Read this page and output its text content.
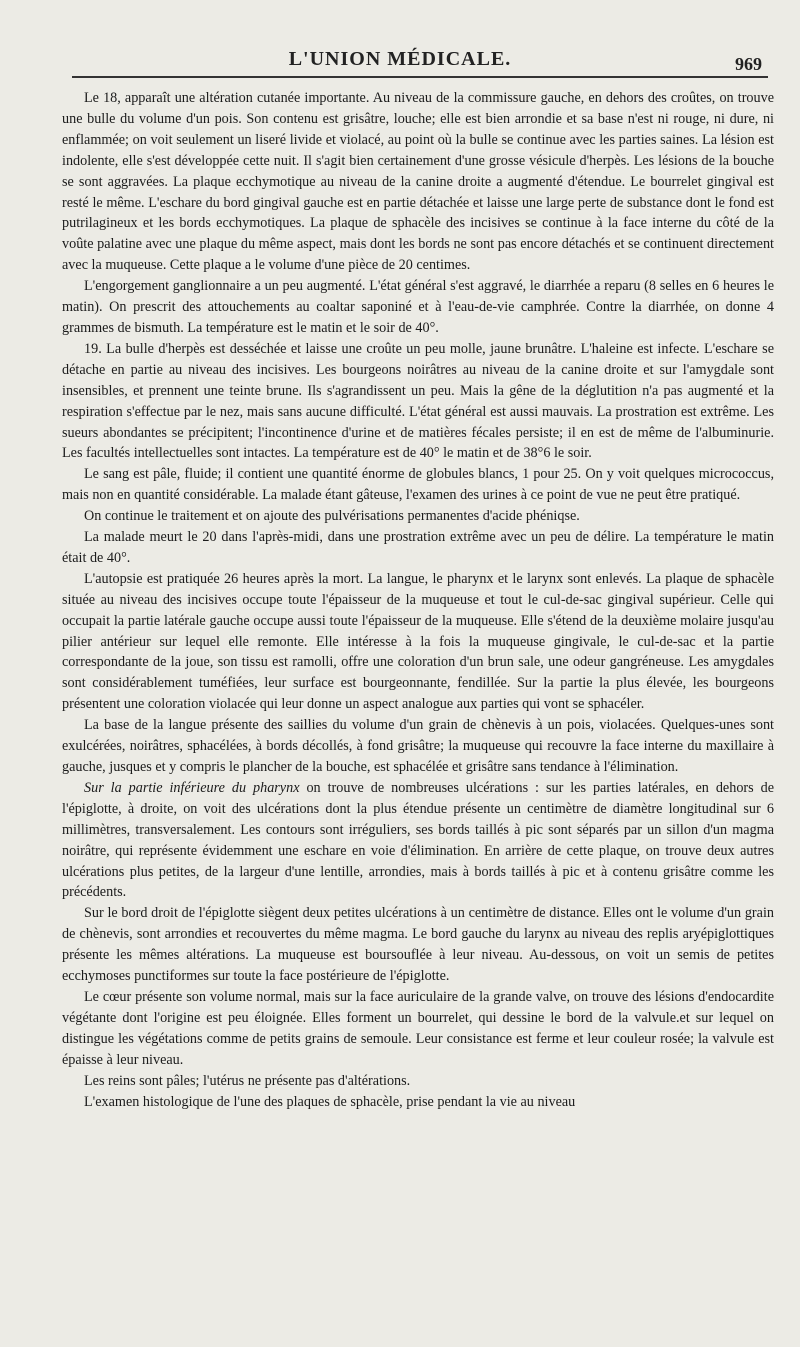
L'UNION MÉDICALE.	969

Le 18, apparaît une altération cutanée importante. Au niveau de la commissure gauche, en dehors des croûtes, on trouve une bulle du volume d'un pois. Son contenu est grisâtre, louche; elle est bien arrondie et sa base n'est ni rouge, ni dure, ni enflammée; on voit seulement un liseré livide et violacé, au point où la bulle se continue avec les parties saines. La lésion est indolente, elle s'est développée cette nuit. Il s'agit bien certainement d'une grosse vésicule d'herpès. Les lésions de la bouche se sont aggravées. La plaque ecchymotique au niveau de la canine droite a augmenté d'étendue. Le bourrelet gingival est resté le même. L'eschare du bord gingival gauche est en partie détachée et laisse une large perte de substance dont le fond est putrilagineux et les bords ecchymotiques. La plaque de sphacèle des incisives se continue à la face interne du côté de la voûte palatine avec une plaque du même aspect, mais dont les bords ne sont pas encore détachés et se continuent directement avec la muqueuse. Cette plaque a le volume d'une pièce de 20 centimes.

L'engorgement ganglionnaire a un peu augmenté. L'état général s'est aggravé, le diarrhée a reparu (8 selles en 6 heures le matin). On prescrit des attouchements au coaltar saponiné et à l'eau-de-vie camphrée. Contre la diarrhée, on donne 4 grammes de bismuth. La température est le matin et le soir de 40°.

19. La bulle d'herpès est desséchée et laisse une croûte un peu molle, jaune brunâtre. L'haleine est infecte. L'eschare se détache en partie au niveau des incisives. Les bourgeons noirâtres au niveau de la canine droite et sur l'amygdale sont insensibles, et prennent une teinte brune. Ils s'agrandissent un peu. Mais la gêne de la déglutition n'a pas augmenté et la respiration s'effectue par le nez, mais sans aucune difficulté. L'état général est aussi mauvais. La prostration est extrême. Les sueurs abondantes se précipitent; l'incontinence d'urine et de matières fécales persiste; il en est de même de l'albuminurie. Les facultés intellectuelles sont intactes. La température est de 40° le matin et de 38°6 le soir.

Le sang est pâle, fluide; il contient une quantité énorme de globules blancs, 1 pour 25. On y voit quelques micrococcus, mais non en quantité considérable. La malade étant gâteuse, l'examen des urines à ce point de vue ne peut être pratiqué.

On continue le traitement et on ajoute des pulvérisations permanentes d'acide phéniqse.

La malade meurt le 20 dans l'après-midi, dans une prostration extrême avec un peu de délire. La température le matin était de 40°.

L'autopsie est pratiquée 26 heures après la mort. La langue, le pharynx et le larynx sont enlevés. La plaque de sphacèle située au niveau des incisives occupe toute l'épaisseur de la muqueuse et tout le cul-de-sac gingival supérieur. Celle qui occupait la partie latérale gauche occupe aussi toute l'épaisseur de la muqueuse. Elle s'étend de la deuxième molaire jusqu'au pilier antérieur sur lequel elle remonte. Elle intéresse à la fois la muqueuse gingivale, le cul-de-sac et la partie correspondante de la joue, son tissu est ramolli, offre une coloration d'un brun sale, une odeur gangréneuse. Les amygdales sont considérablement tuméfiées, leur surface est bourgeonnante, fendillée. Sur la partie la plus élevée, les bourgeons présentent une coloration violacée qui leur donne un aspect analogue aux parties qui vont se sphacéler.

La base de la langue présente des saillies du volume d'un grain de chènevis à un pois, violacées. Quelques-unes sont exulcérées, noirâtres, sphacélées, à bords décollés, à fond grisâtre; la muqueuse qui recouvre la face interne du maxillaire à gauche, jusques et y compris le plancher de la bouche, est sphacélée et grisâtre sans tendance à l'élimination.

Sur la partie inférieure du pharynx on trouve de nombreuses ulcérations : sur les parties latérales, en dehors de l'épiglotte, à droite, on voit des ulcérations dont la plus étendue présente un centimètre de diamètre longitudinal sur 6 millimètres, transversalement. Les contours sont irréguliers, ses bords taillés à pic sont séparés par un sillon d'un magma noirâtre, qui représente évidemment une eschare en voie d'élimination. En arrière de cette plaque, on trouve deux autres ulcérations plus petites, de la largeur d'une lentille, arrondies, mais à bords taillés à pic et à contenu grisâtre comme les précédents.

Sur le bord droit de l'épiglotte siègent deux petites ulcérations à un centimètre de distance. Elles ont le volume d'un grain de chènevis, sont arrondies et recouvertes du même magma. Le bord gauche du larynx au niveau des replis aryépiglottiques présente les mêmes altérations. La muqueuse est boursouflée à leur niveau. Au-dessous, on voit un semis de petites ecchymoses punctiformes sur toute la face postérieure de l'épiglotte.

Le cœur présente son volume normal, mais sur la face auriculaire de la grande valve, on trouve des lésions d'endocardite végétante dont l'origine est peu éloignée. Elles forment un bourrelet, qui dessine le bord de la valvule.et sur lequel on distingue les végétations comme de petits grains de semoule. Leur consistance est ferme et leur couleur rosée; la valvule est épaisse à leur niveau.

Les reins sont pâles; l'utérus ne présente pas d'altérations.

L'examen histologique de l'une des plaques de sphacèle, prise pendant la vie au niveau
